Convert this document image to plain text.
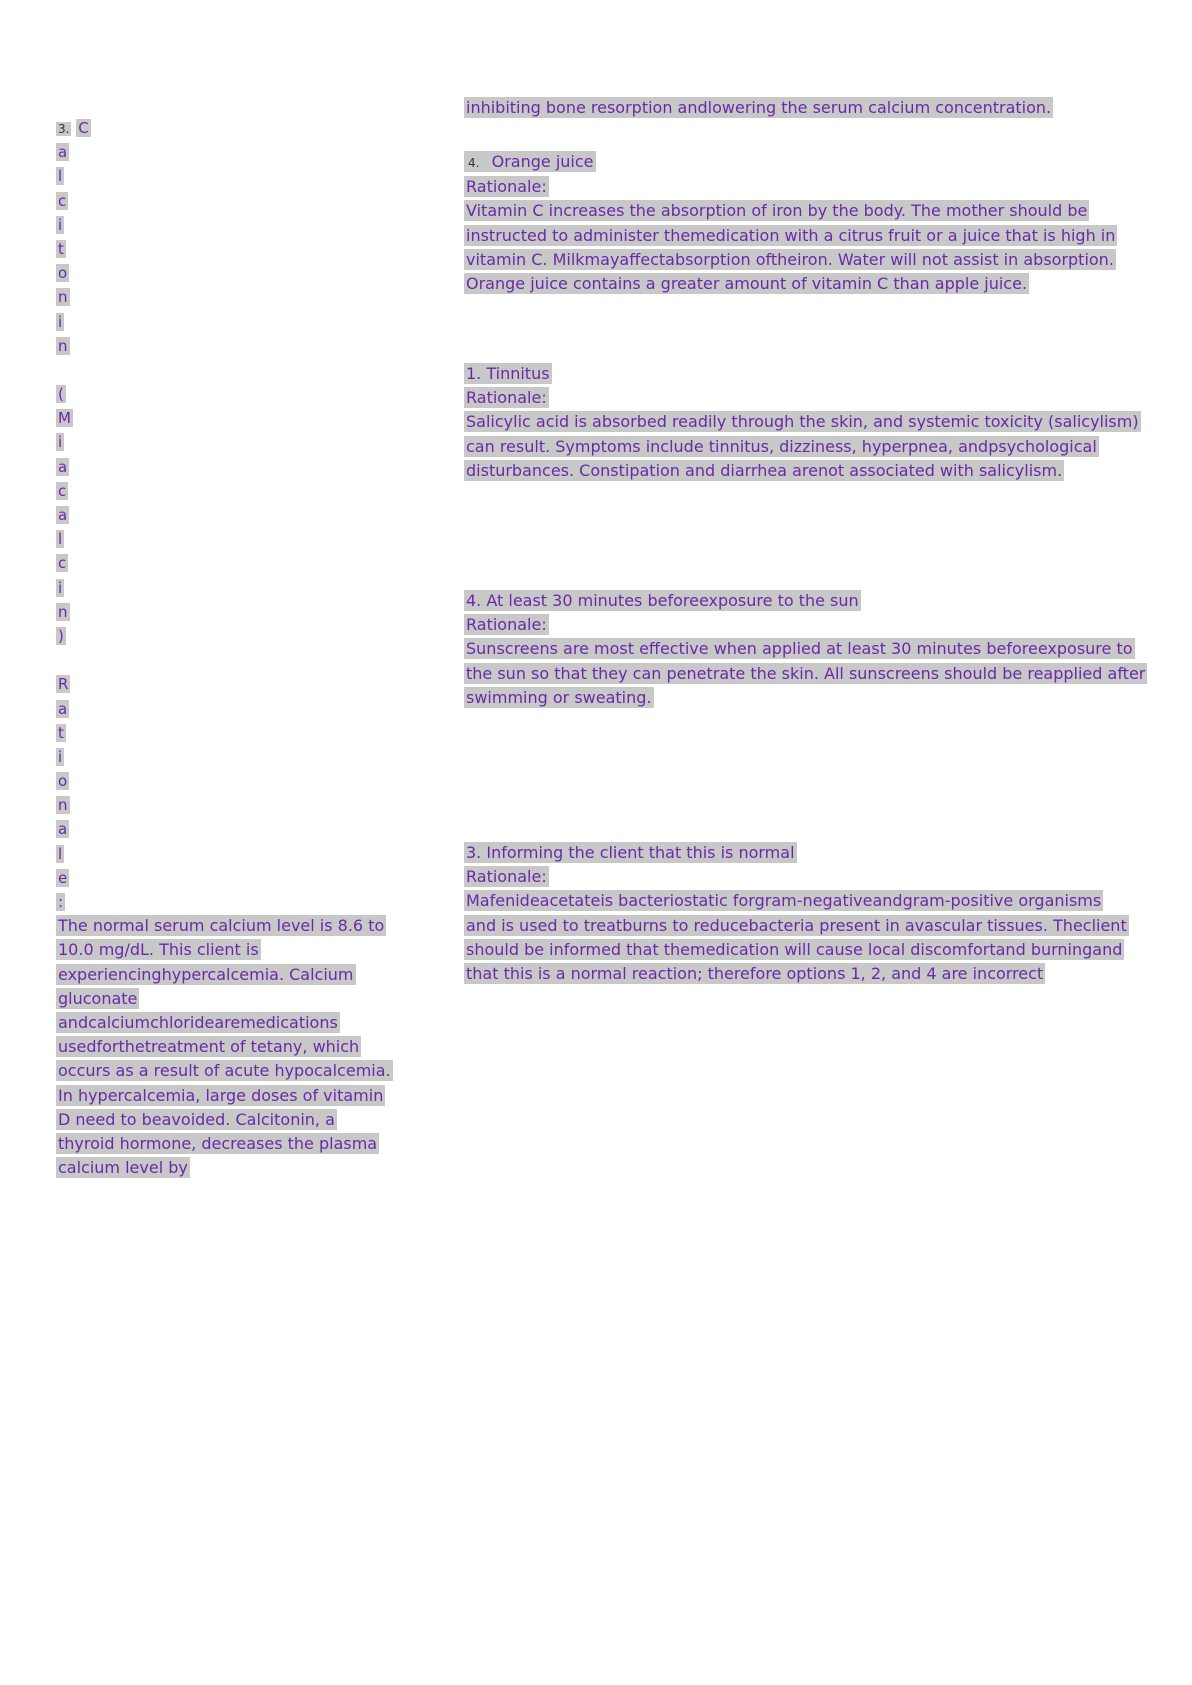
3. C
a
l
c
i
t
o
n
i
n
(
M
i
a
c
a
l
c
i
n
)
R
a
t
i
o
n
a
l
e
:
The normal serum calcium level is 8.6 to 10.0 mg/dL. This client is experiencinghypercalcemia. Calcium gluconate andcalciumchloridearemedications usedforthetreatment of tetany, which occurs as a result of acute hypocalcemia. In hypercalcemia, large doses of vitamin D need to beavoided. Calcitonin, a thyroid hormone, decreases the plasma calcium level by
inhibiting bone resorption andlowering the serum calcium concentration.
4. Orange juice
Rationale:
Vitamin C increases the absorption of iron by the body. The mother should be
instructed to administer themedication with a citrus fruit or a juice that is high in
vitamin C. Milkmayaffectabsorption oftheiron. Water will not assist in absorption.
Orange juice contains a greater amount of vitamin C than apple juice.
1. Tinnitus
Rationale:
Salicylic acid is absorbed readily through the skin, and systemic toxicity (salicylism)
can result. Symptoms include tinnitus, dizziness, hyperpnea, andpsychological
disturbances. Constipation and diarrhea arenot associated with salicylism.
4. At least 30 minutes beforeexposure to the sun
Rationale:
Sunscreens are most effective when applied at least 30 minutes beforeexposure to
the sun so that they can penetrate the skin. All sunscreens should be reapplied after
swimming or sweating.
3. Informing the client that this is normal
Rationale:
Mafenideacetateis bacteriostatic forgram-negativeandgram-positive organisms
and is used to treatburns to reducebacteria present in avascular tissues. Theclient
should be informed that themedication will cause local discomfortand burningand
that this is a normal reaction; therefore options 1, 2, and 4 are incorrect
